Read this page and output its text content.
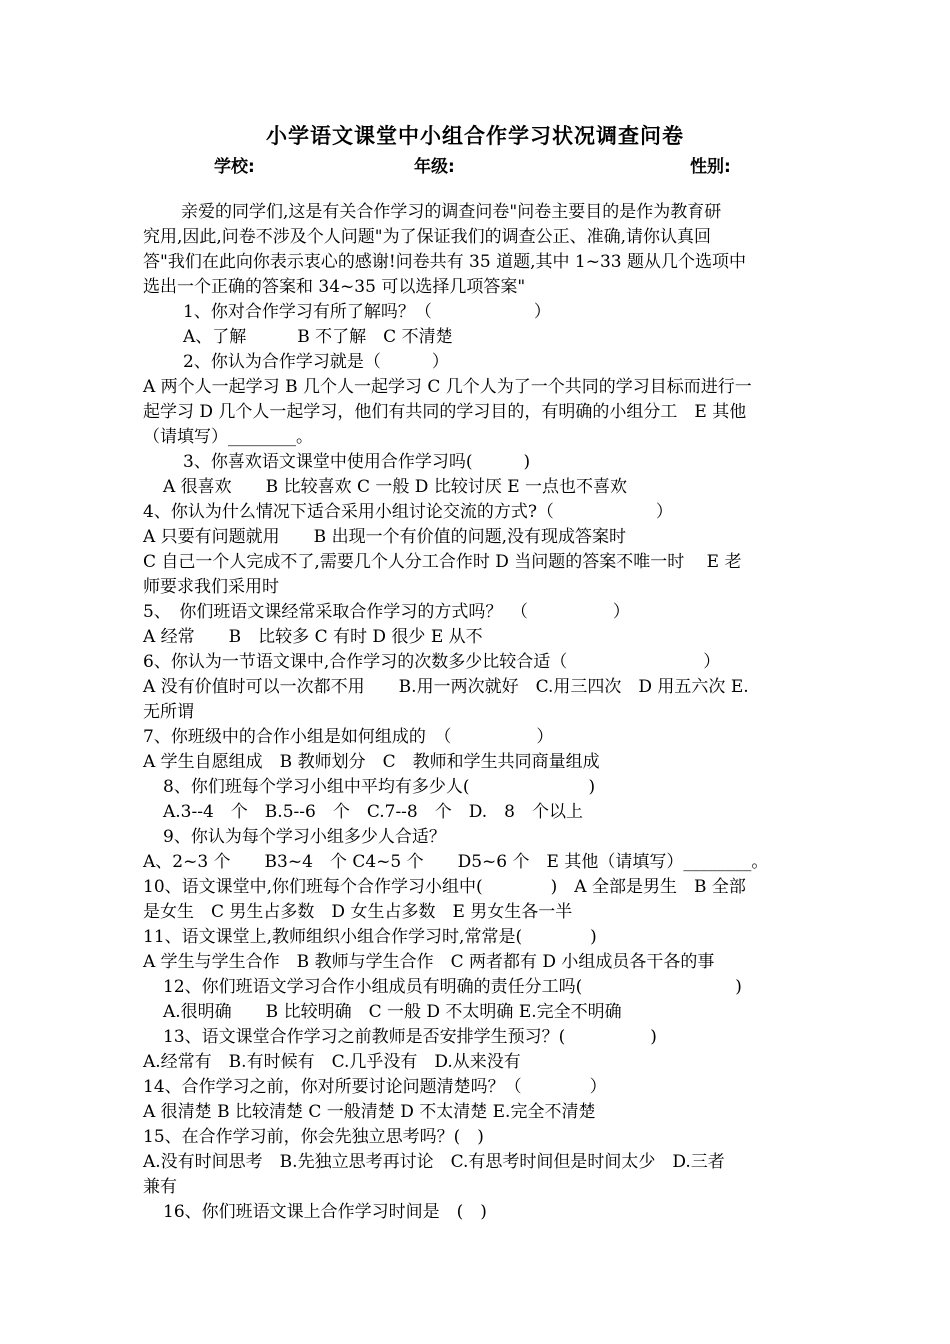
小学语文课堂中小组合作学习状况调查问卷
学校:	年级:	性别:
亲爱的同学们,这是有关合作学习的调查问卷"问卷主要目的是作为教育研
究用,因此,问卷不涉及个人问题"为了保证我们的调查公正、准确,请你认真回
答"我们在此向你表示衷心的感谢!问卷共有 35 道题,其中 1~33 题从几个选项中
选出一个正确的答案和 34~35 可以选择几项答案"
1、你对合作学习有所了解吗？（　　　　　　）
A、了解　　　B 不了解　C 不清楚
2、你认为合作学习就是（　　　）
A 两个人一起学习 B 几个人一起学习 C 几个人为了一个共同的学习目标而进行一
起学习 D 几个人一起学习，他们有共同的学习目的，有明确的小组分工　E 其他
（请填写）________。
3、你喜欢语文课堂中使用合作学习吗(　　　)
A 很喜欢　　B 比较喜欢 C 一般 D 比较讨厌 E 一点也不喜欢
4、你认为什么情况下适合采用小组讨论交流的方式?（　　　　　　）
A 只要有问题就用　　B 出现一个有价值的问题,没有现成答案时
C 自己一个人完成不了,需要几个人分工合作时 D 当问题的答案不唯一时　 E 老
师要求我们采用时
5、　你们班语文课经常采取合作学习的方式吗？　（　　　　　）
A 经常　　B　比较多 C 有时 D 很少 E 从不
6、你认为一节语文课中,合作学习的次数多少比较合适（　　　　　　　　）
A 没有价值时可以一次都不用　　B.用一两次就好　C.用三四次　D 用五六次 E.
无所谓
7、你班级中的合作小组是如何组成的　（　　　　　）
A 学生自愿组成　B 教师划分　C　教师和学生共同商量组成
8、你们班每个学习小组中平均有多少人(　　　　　　　)
A.3--4　个　B.5--6　个　C.7--8　个　D.　8　个以上
9、你认为每个学习小组多少人合适？
A、2~3 个　　B3~4　个 C4~5 个　　D5~6 个　E 其他（请填写）________。
10、语文课堂中,你们班每个合作学习小组中(　　　　)　A 全部是男生　B 全部
是女生　C 男生占多数　D 女生占多数　E 男女生各一半
11、语文课堂上,教师组织小组合作学习时,常常是(　　　　)
A 学生与学生合作　B 教师与学生合作　C 两者都有 D 小组成员各干各的事
12、你们班语文学习合作小组成员有明确的责任分工吗(　　　　　　　　　)
A.很明确　　B 比较明确　C 一般 D 不太明确 E.完全不明确
13、语文课堂合作学习之前教师是否安排学生预习？(　　　　　)
A.经常有　B.有时候有　C.几乎没有　D.从来没有
14、合作学习之前，你对所要讨论问题清楚吗？（　　　　）
A 很清楚 B 比较清楚 C 一般清楚 D 不太清楚 E.完全不清楚
15、在合作学习前，你会先独立思考吗？(　)
A.没有时间思考　B.先独立思考再讨论　C.有思考时间但是时间太少　D.三者
兼有
16、你们班语文课上合作学习时间是　(　)
